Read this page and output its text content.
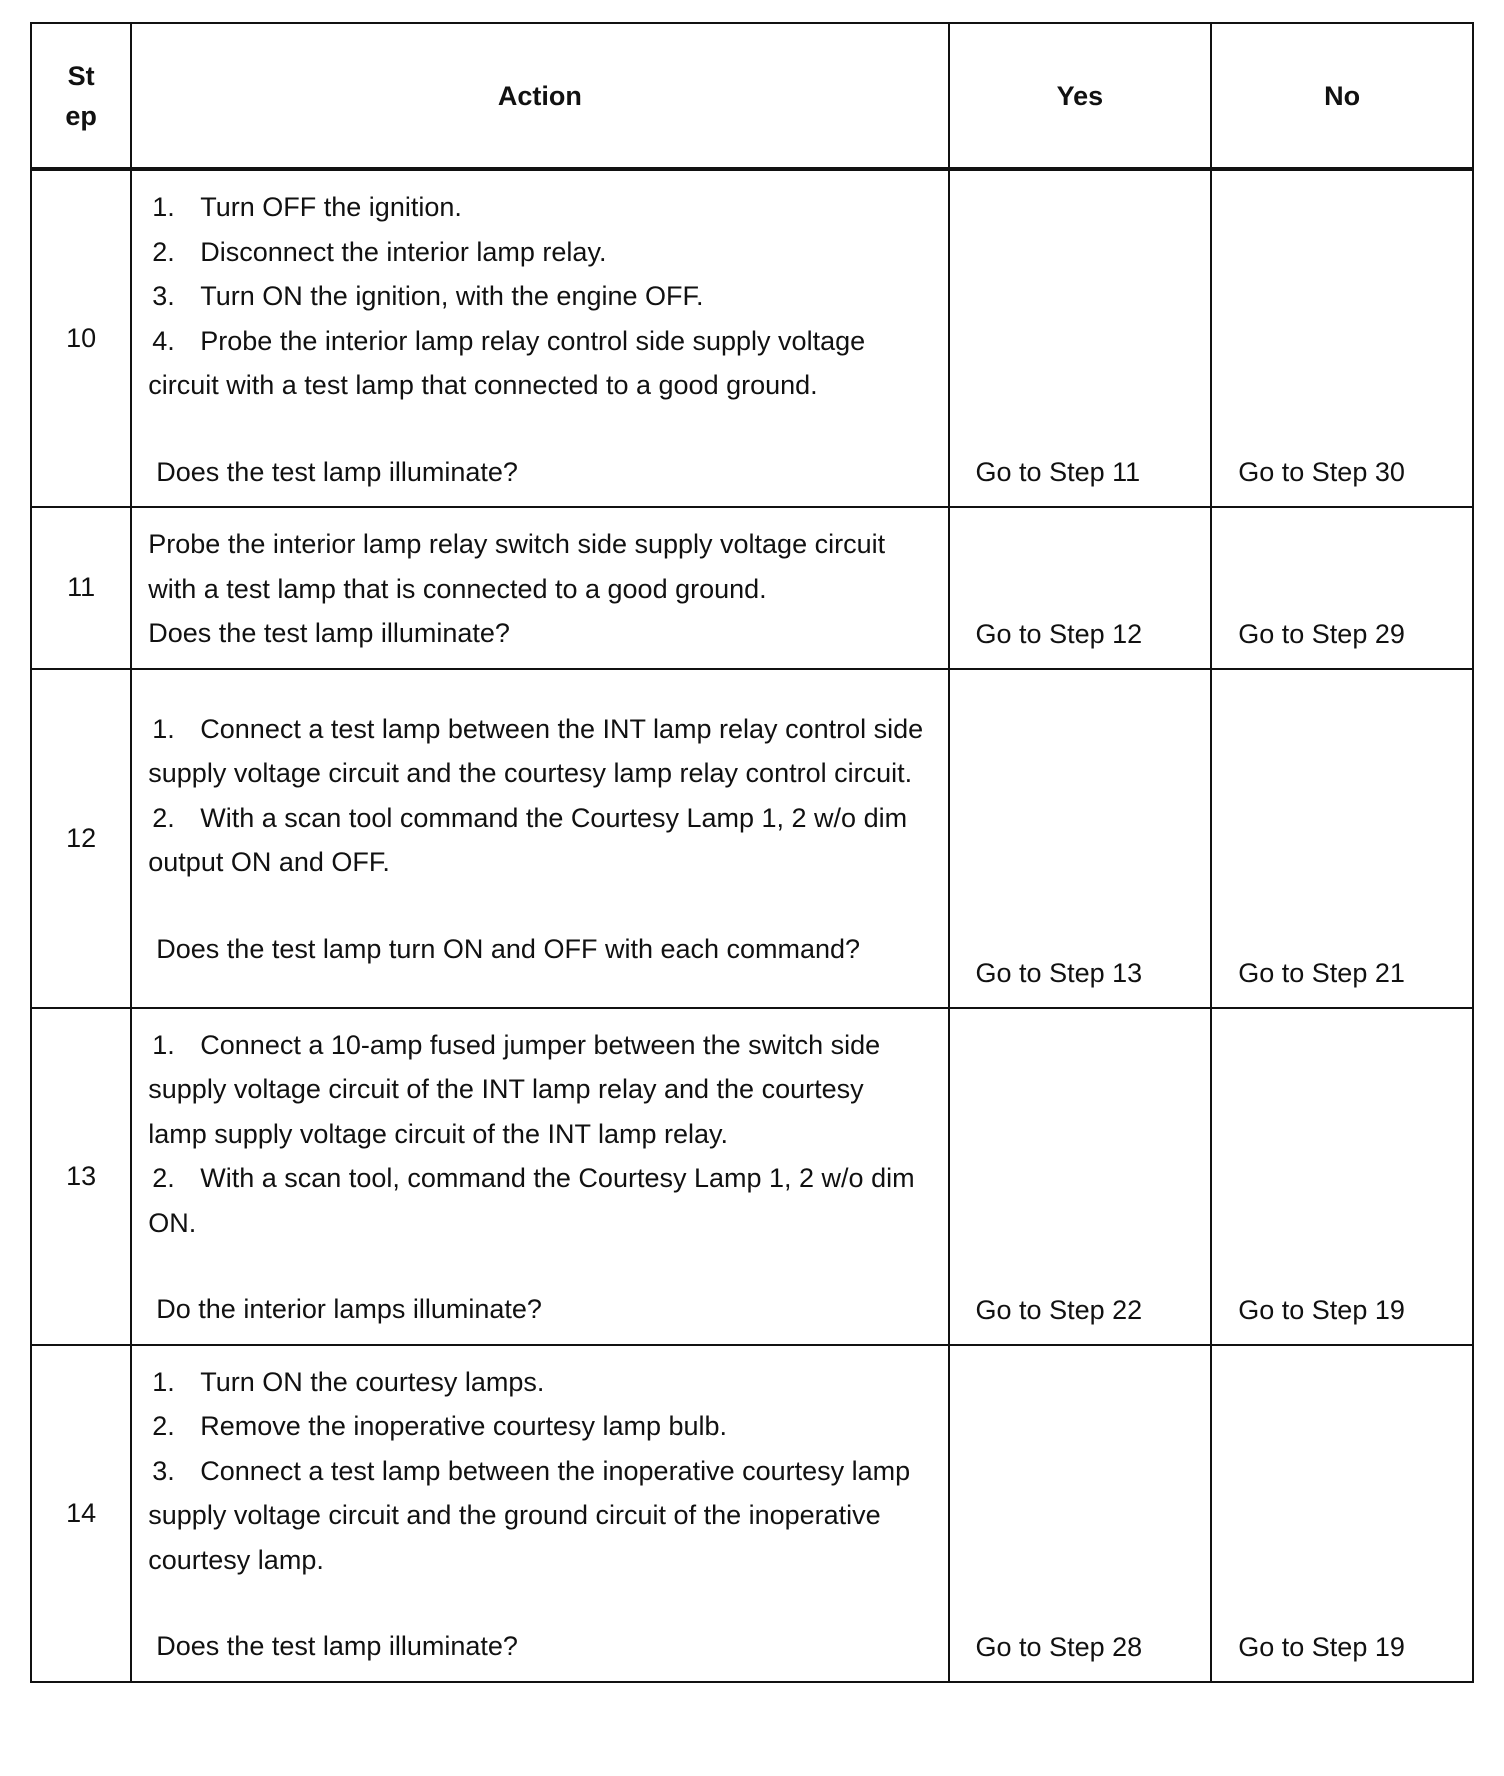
St
ep	Action	Yes	No
10	1. Turn OFF the ignition.
2. Disconnect the interior lamp relay.
3. Turn ON the ignition, with the engine OFF.
4. Probe the interior lamp relay control side supply voltage circuit with a test lamp that connected to a good ground.
Does the test lamp illuminate?	Go to Step 11	Go to Step 30
11	Probe the interior lamp relay switch side supply voltage circuit with a test lamp that is connected to a good ground.
Does the test lamp illuminate?	Go to Step 12	Go to Step 29
12	1. Connect a test lamp between the INT lamp relay control side supply voltage circuit and the courtesy lamp relay control circuit.
2. With a scan tool command the Courtesy Lamp 1, 2 w/o dim output ON and OFF.
Does the test lamp turn ON and OFF with each command?	Go to Step 13	Go to Step 21
13	1. Connect a 10-amp fused jumper between the switch side supply voltage circuit of the INT lamp relay and the courtesy lamp supply voltage circuit of the INT lamp relay.
2. With a scan tool, command the Courtesy Lamp 1, 2 w/o dim ON.
Do the interior lamps illuminate?	Go to Step 22	Go to Step 19
14	1. Turn ON the courtesy lamps.
2. Remove the inoperative courtesy lamp bulb.
3. Connect a test lamp between the inoperative courtesy lamp supply voltage circuit and the ground circuit of the inoperative courtesy lamp.
Does the test lamp illuminate?	Go to Step 28	Go to Step 19
